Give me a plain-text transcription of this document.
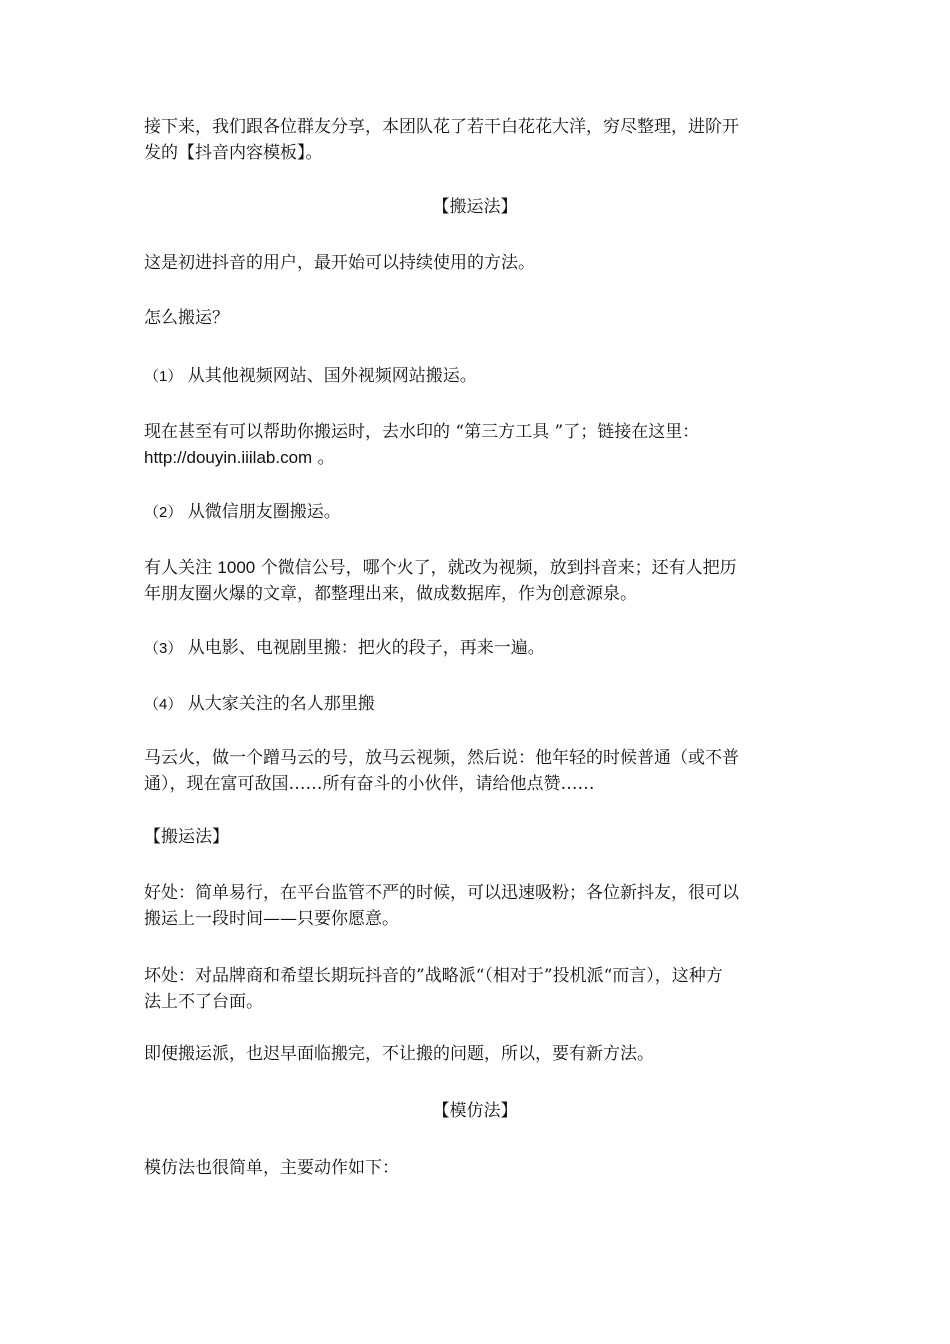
接下来，我们跟各位群友分享，本团队花了若干白花花大洋，穷尽整理，进阶开
发的【抖音内容模板】。

【搬运法】

这是初进抖音的用户，最开始可以持续使用的方法。

怎么搬运？

（1） 从其他视频网站、国外视频网站搬运。

现在甚至有可以帮助你搬运时，去水印的 “第三方工具 ”了；链接在这里：
http://douyin.iiilab.com 。

（2） 从微信朋友圈搬运。

有人关注 1000 个微信公号，哪个火了，就改为视频，放到抖音来；还有人把历
年朋友圈火爆的文章，都整理出来，做成数据库，作为创意源泉。

（3） 从电影、电视剧里搬：把火的段子，再来一遍。

（4） 从大家关注的名人那里搬

马云火，做一个蹭马云的号，放马云视频，然后说：他年轻的时候普通（或不普
通），现在富可敌国……所有奋斗的小伙伴，请给他点赞……

【搬运法】

好处：简单易行，在平台监管不严的时候，可以迅速吸粉；各位新抖友，很可以
搬运上一段时间——只要你愿意。

坏处：对品牌商和希望长期玩抖音的”战略派“（相对于”投机派“而言），这种方
法上不了台面。

即便搬运派，也迟早面临搬完，不让搬的问题，所以，要有新方法。

【模仿法】

模仿法也很简单，主要动作如下：
